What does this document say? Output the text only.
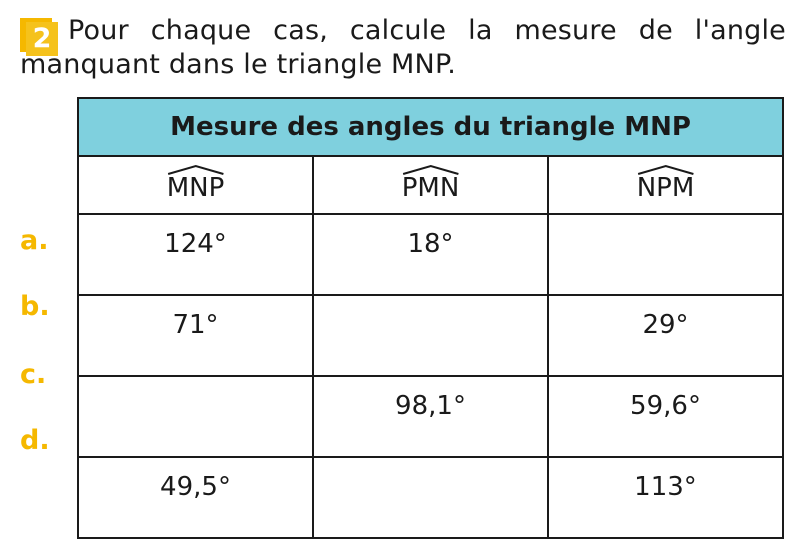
2 Pour chaque cas, calcule la mesure de l'angle manquant dans le triangle MNP.
Mesure des angles du triangle MNP		

MNP	PMN	NPM
124°	18°	
71°		29°
	98,1°	59,6°
49,5°		113°
a.
b.
c.
d.
